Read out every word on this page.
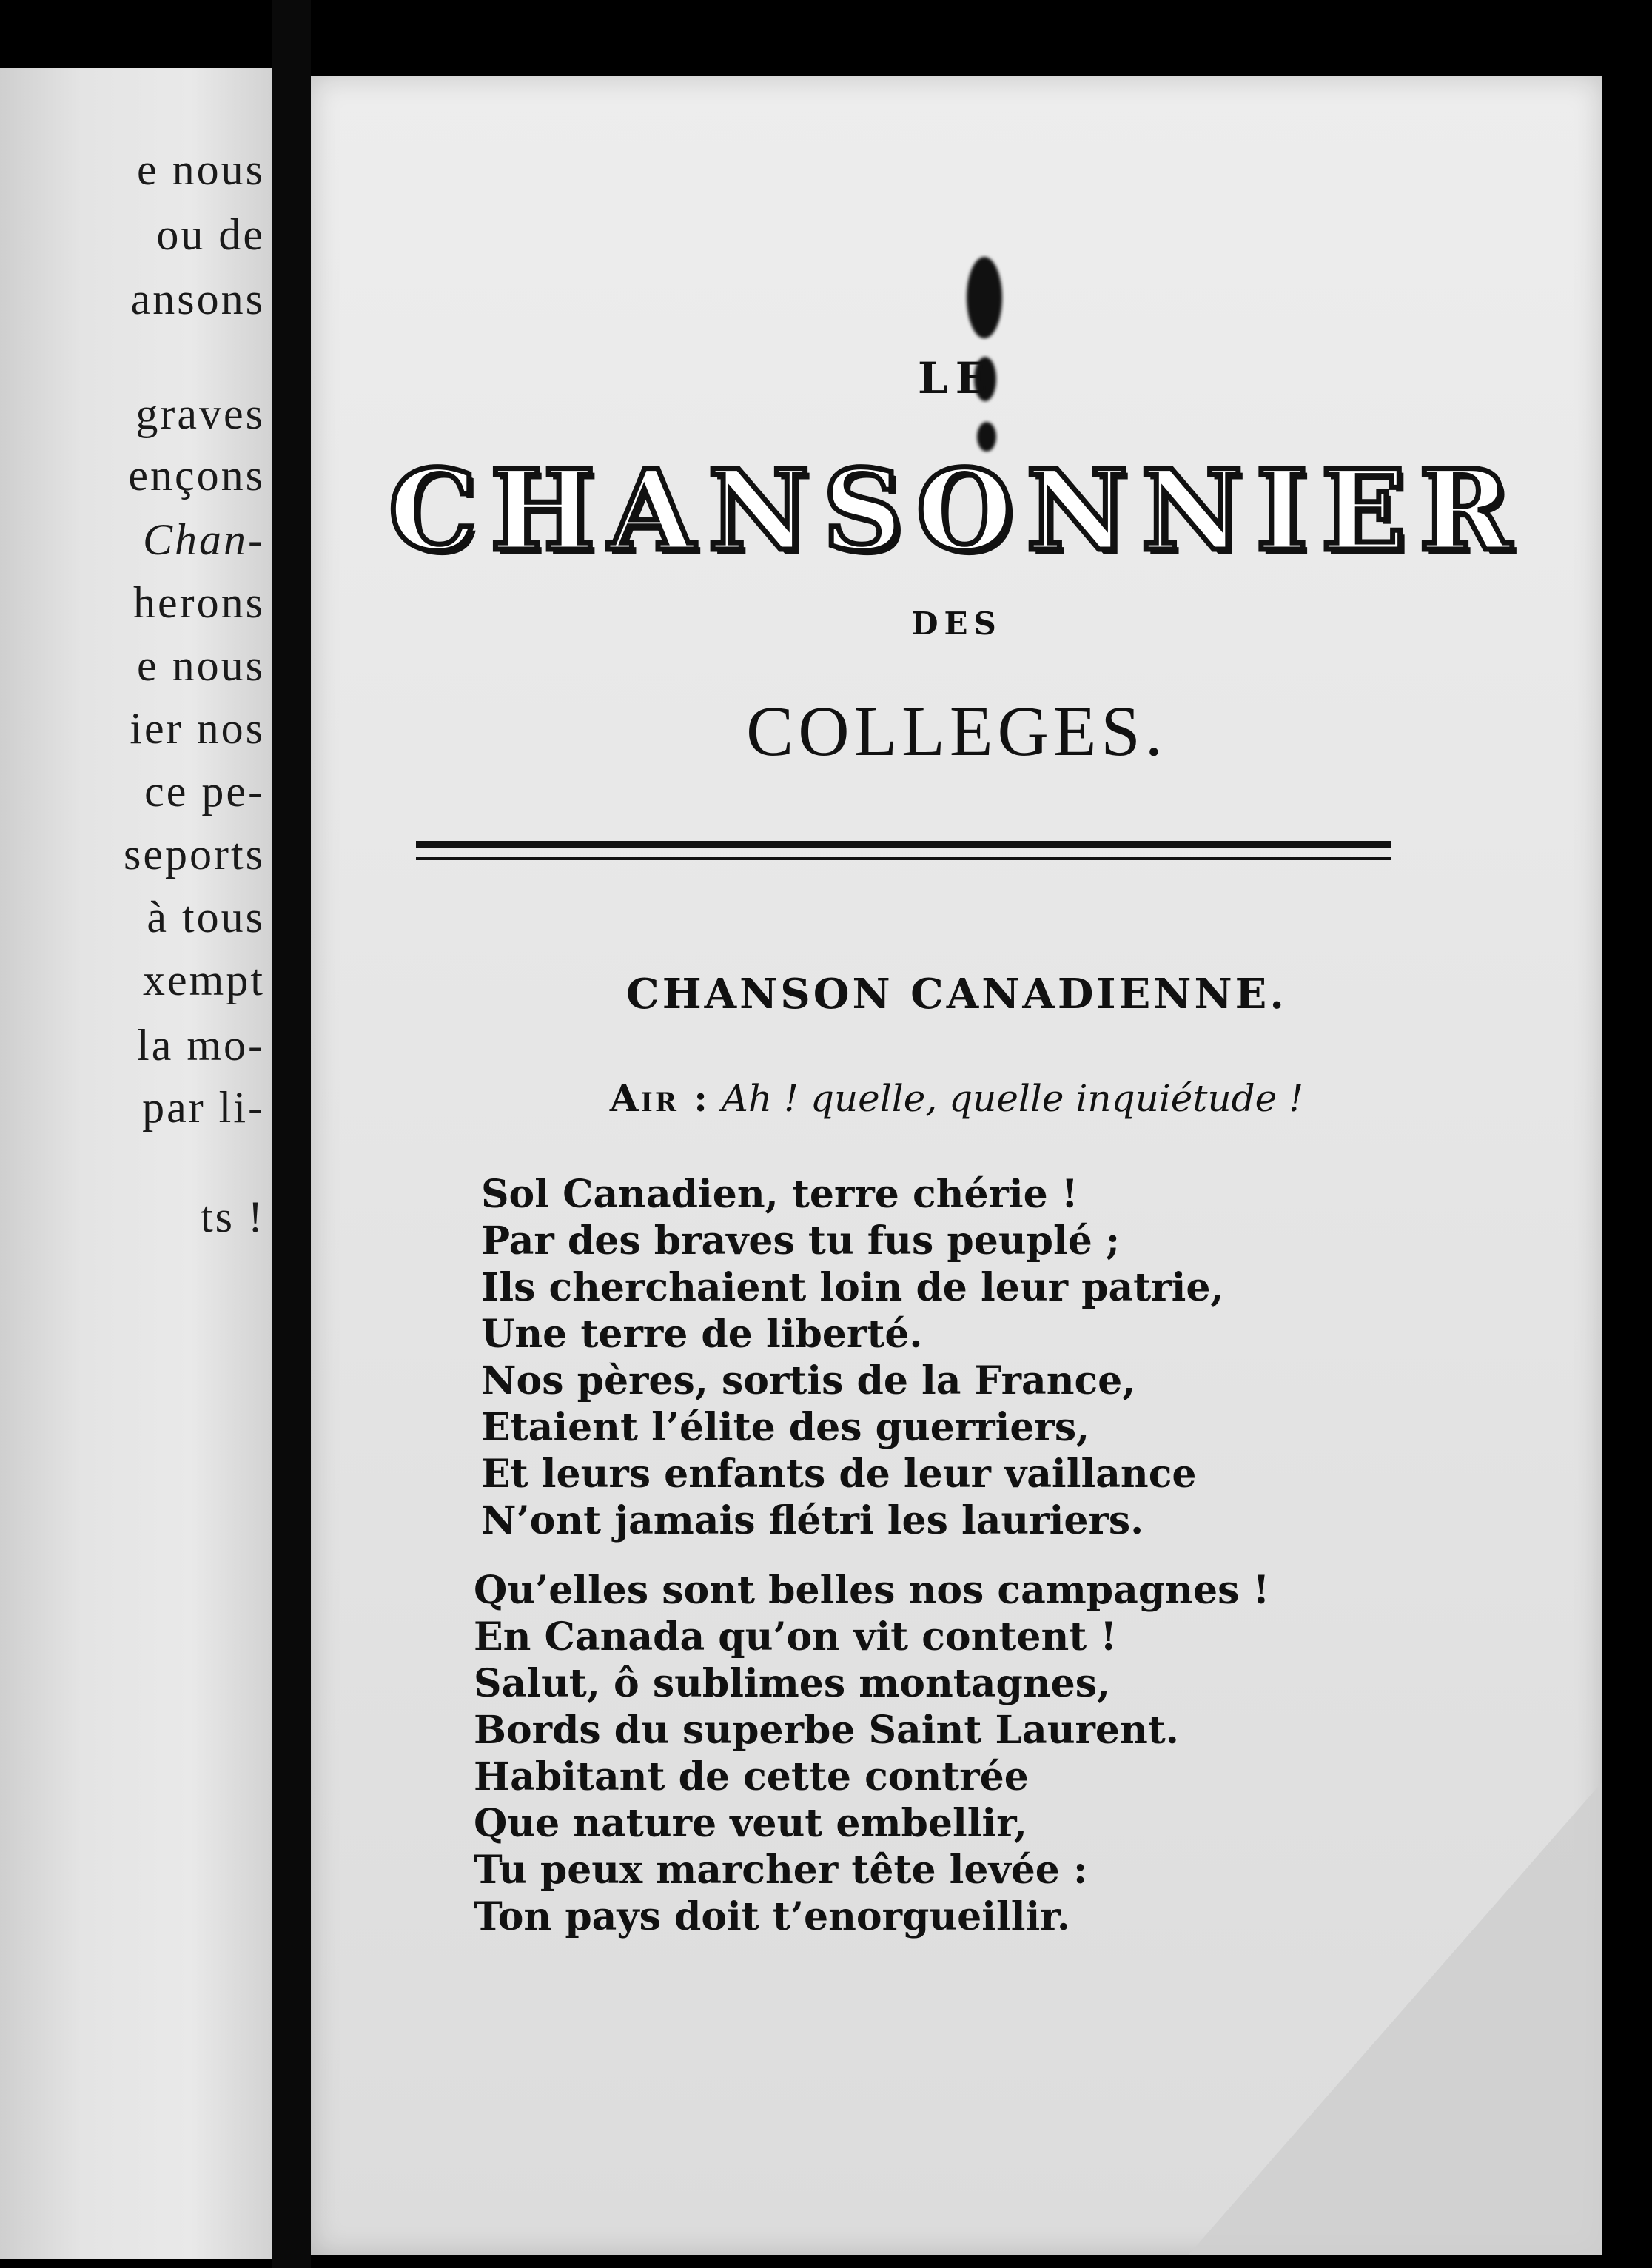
e nous
ou de
ansons
graves
ençons
Chan-
herons
e nous
ier nos
ce pe-
seports
à tous
xempt
la mo-
par li-
ts !
LE
CHANSONNIER
DES
COLLEGES.
CHANSON CANADIENNE.
Air : Ah ! quelle, quelle inquiétude !
Sol Canadien, terre chérie !
Par des braves tu fus peuplé ;
Ils cherchaient loin de leur patrie,
Une terre de liberté.
Nos pères, sortis de la France,
Etaient l’élite des guerriers,
Et leurs enfants de leur vaillance
N’ont jamais flétri les lauriers.
Qu’elles sont belles nos campagnes !
En Canada qu’on vit content !
Salut, ô sublimes montagnes,
Bords du superbe Saint Laurent.
Habitant de cette contrée
Que nature veut embellir,
Tu peux marcher tête levée :
Ton pays doit t’enorgueillir.
